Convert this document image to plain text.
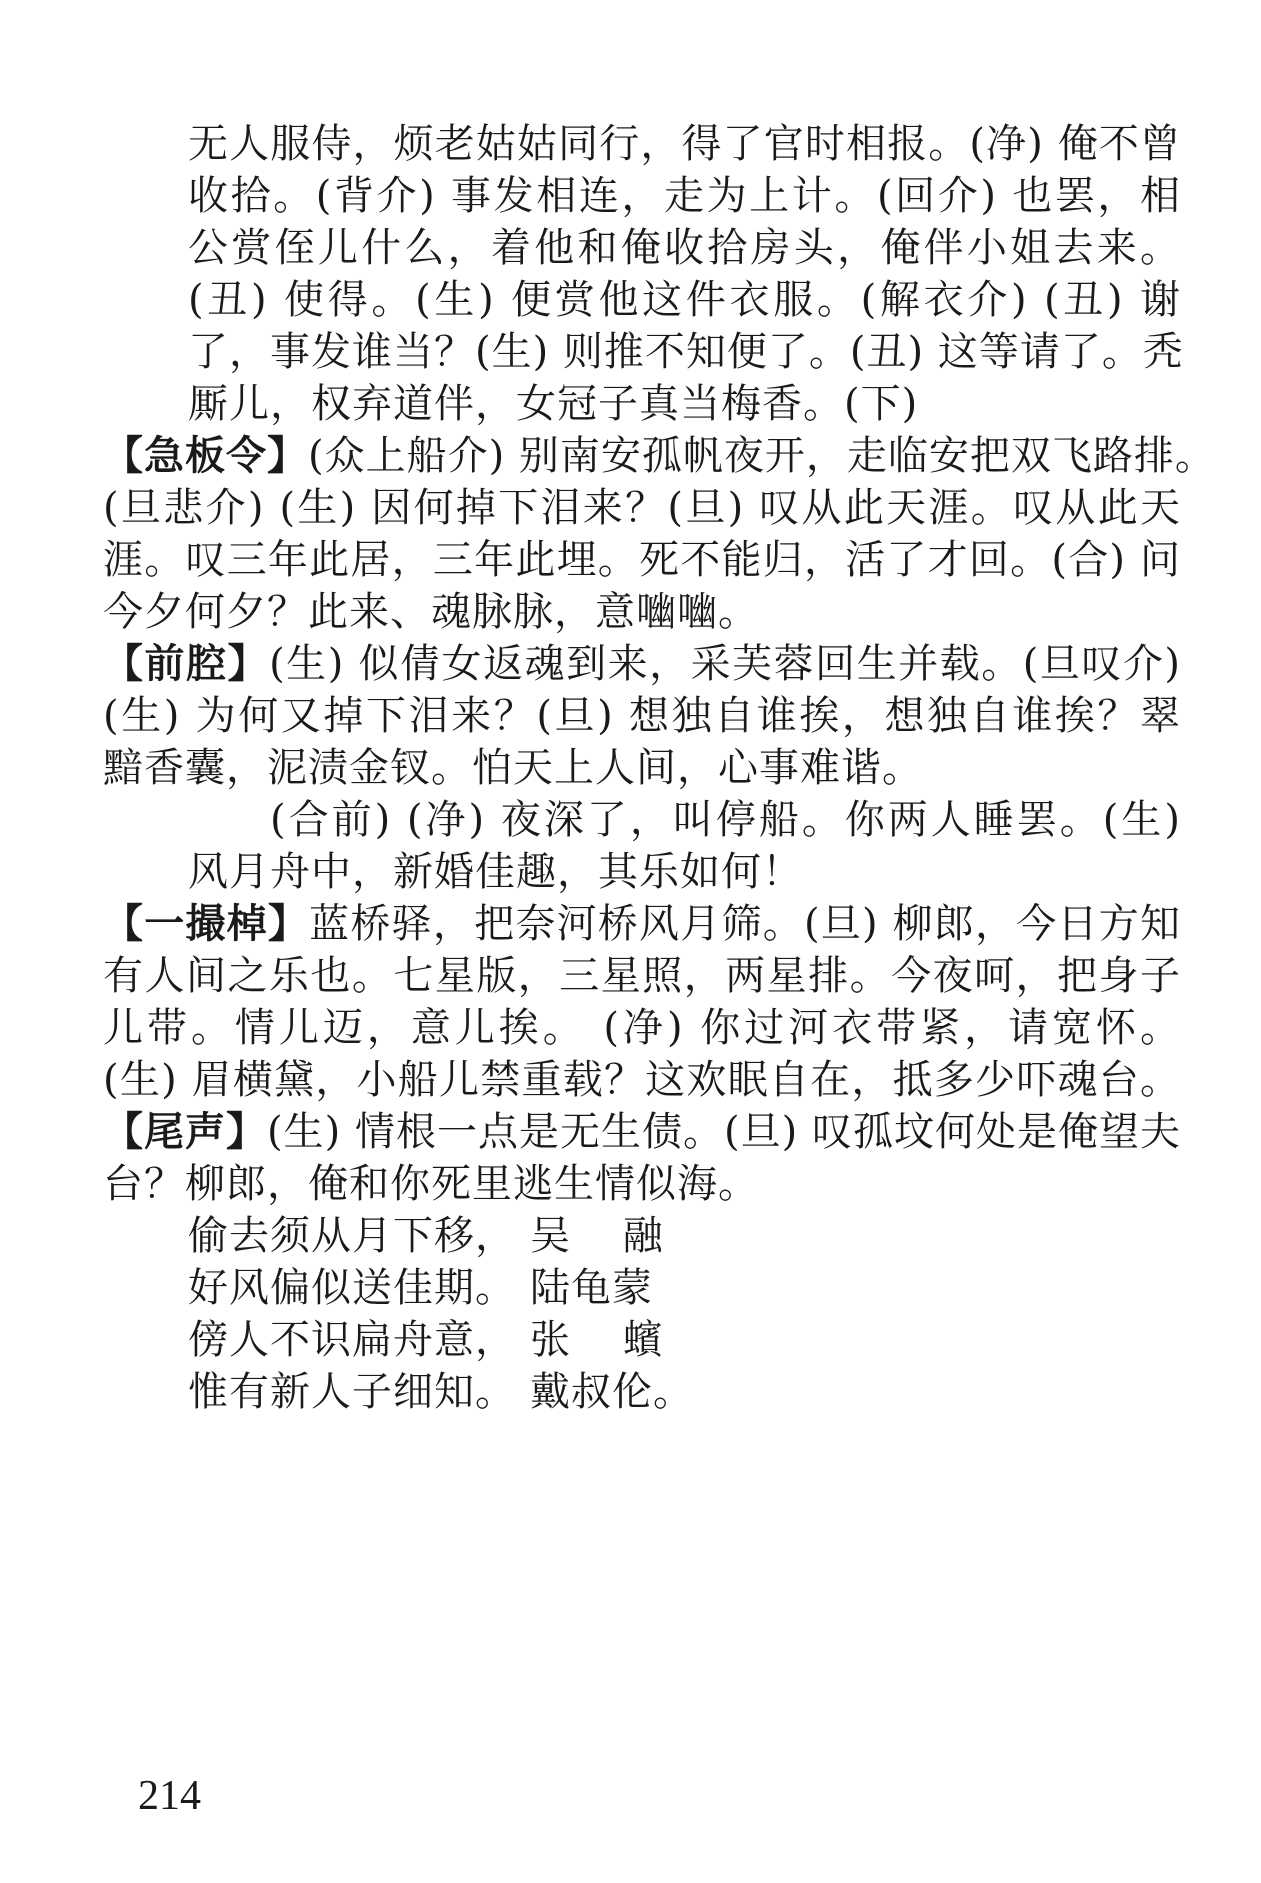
无人服侍，烦老姑姑同行，得了官时相报。(净) 俺不曾
收拾。(背介) 事发相连，走为上计。(回介) 也罢，相
公赏侄儿什么，着他和俺收拾房头，俺伴小姐去来。
(丑) 使得。(生) 便赏他这件衣服。(解衣介) (丑) 谢
了，事发谁当？(生) 则推不知便了。(丑) 这等请了。秃
厮儿，权弃道伴，女冠子真当梅香。(下)
【急板令】(众上船介) 别南安孤帆夜开，走临安把双飞路排。
(旦悲介) (生) 因何掉下泪来？(旦) 叹从此天涯。叹从此天
涯。叹三年此居，三年此埋。死不能归，活了才回。(合) 问
今夕何夕？此来、魂脉脉，意㗀㗀。
【前腔】(生) 似倩女返魂到来，采芙蓉回生并载。(旦叹介)
(生) 为何又掉下泪来？(旦) 想独自谁挨，想独自谁挨？翠
黯香囊，泥渍金钗。怕天上人间，心事难谐。
(合前) (净) 夜深了，叫停船。你两人睡罢。(生)
风月舟中，新婚佳趣，其乐如何！
【一撮棹】蓝桥驿，把奈河桥风月筛。(旦) 柳郎，今日方知
有人间之乐也。七星版，三星照，两星排。今夜呵，把身子
儿带。情儿迈，意儿挨。 (净) 你过河衣带紧，请宽怀。
(生) 眉横黛，小船儿禁重载？这欢眠自在，抵多少吓魂台。
【尾声】(生) 情根一点是无生债。(旦) 叹孤坟何处是俺望夫
台？柳郎，俺和你死里逃生情似海。
偷去须从月下移， 吴 融
好风偏似送佳期。 陆龟蒙
傍人不识扁舟意， 张 蠙
惟有新人子细知。 戴叔伦。
214
